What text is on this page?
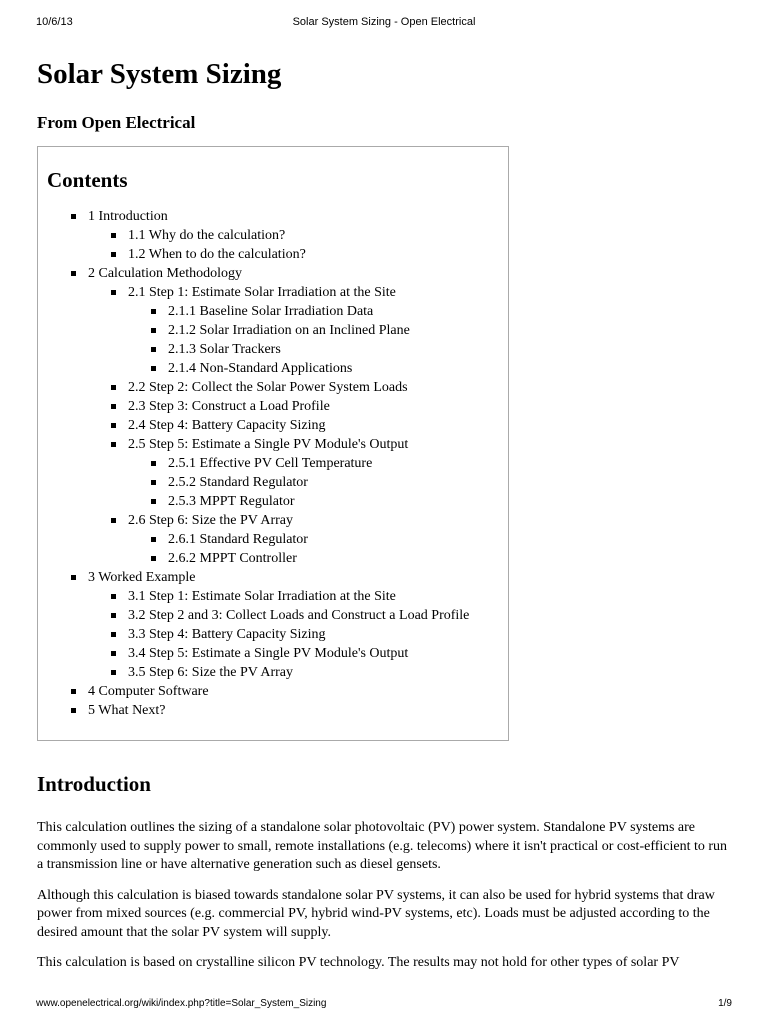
10/6/13	Solar System Sizing - Open Electrical
Solar System Sizing
From Open Electrical
Contents
1 Introduction
1.1 Why do the calculation?
1.2 When to do the calculation?
2 Calculation Methodology
2.1 Step 1: Estimate Solar Irradiation at the Site
2.1.1 Baseline Solar Irradiation Data
2.1.2 Solar Irradiation on an Inclined Plane
2.1.3 Solar Trackers
2.1.4 Non-Standard Applications
2.2 Step 2: Collect the Solar Power System Loads
2.3 Step 3: Construct a Load Profile
2.4 Step 4: Battery Capacity Sizing
2.5 Step 5: Estimate a Single PV Module's Output
2.5.1 Effective PV Cell Temperature
2.5.2 Standard Regulator
2.5.3 MPPT Regulator
2.6 Step 6: Size the PV Array
2.6.1 Standard Regulator
2.6.2 MPPT Controller
3 Worked Example
3.1 Step 1: Estimate Solar Irradiation at the Site
3.2 Step 2 and 3: Collect Loads and Construct a Load Profile
3.3 Step 4: Battery Capacity Sizing
3.4 Step 5: Estimate a Single PV Module's Output
3.5 Step 6: Size the PV Array
4 Computer Software
5 What Next?
Introduction

This calculation outlines the sizing of a standalone solar photovoltaic (PV) power system. Standalone PV systems are commonly used to supply power to small, remote installations (e.g. telecoms) where it isn't practical or cost-efficient to run a transmission line or have alternative generation such as diesel gensets.

Although this calculation is biased towards standalone solar PV systems, it can also be used for hybrid systems that draw power from mixed sources (e.g. commercial PV, hybrid wind-PV systems, etc). Loads must be adjusted according to the desired amount that the solar PV system will supply.

This calculation is based on crystalline silicon PV technology. The results may not hold for other types of solar PV

www.openelectrical.org/wiki/index.php?title=Solar_System_Sizing	1/9
